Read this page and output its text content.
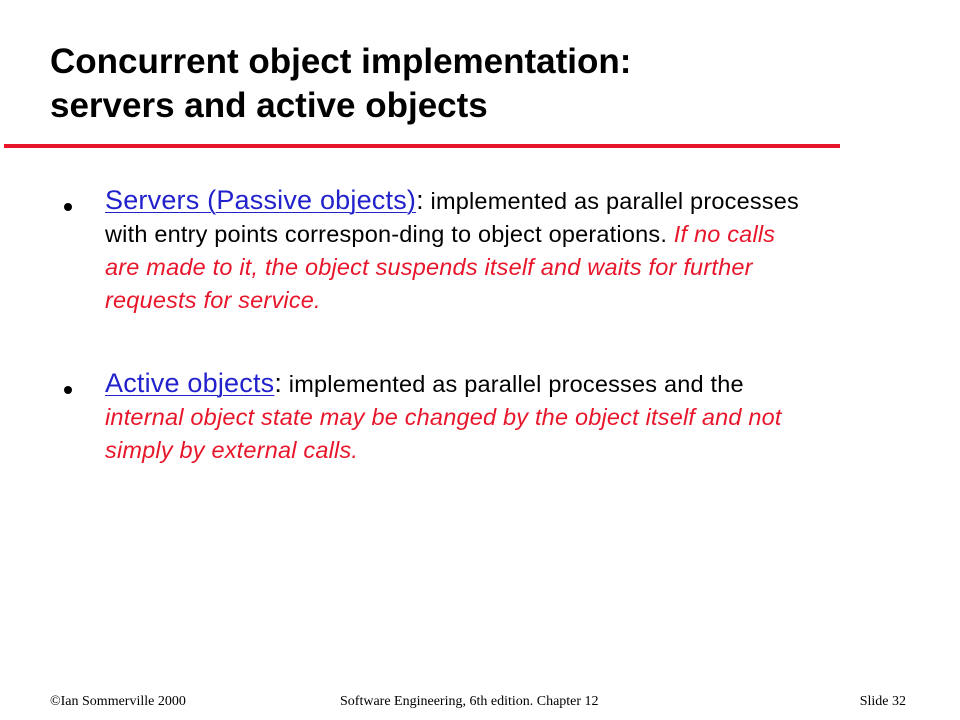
Concurrent object implementation:
servers and active objects
Servers (Passive objects): implemented as parallel processes with entry points correspon-ding to object operations. If no calls are made to it, the object suspends itself and waits for further requests for service.
Active objects: implemented as parallel processes and the internal object state may be changed by the object itself and not simply by external calls.
©Ian Sommerville 2000	Software Engineering, 6th edition. Chapter 12	Slide 32
